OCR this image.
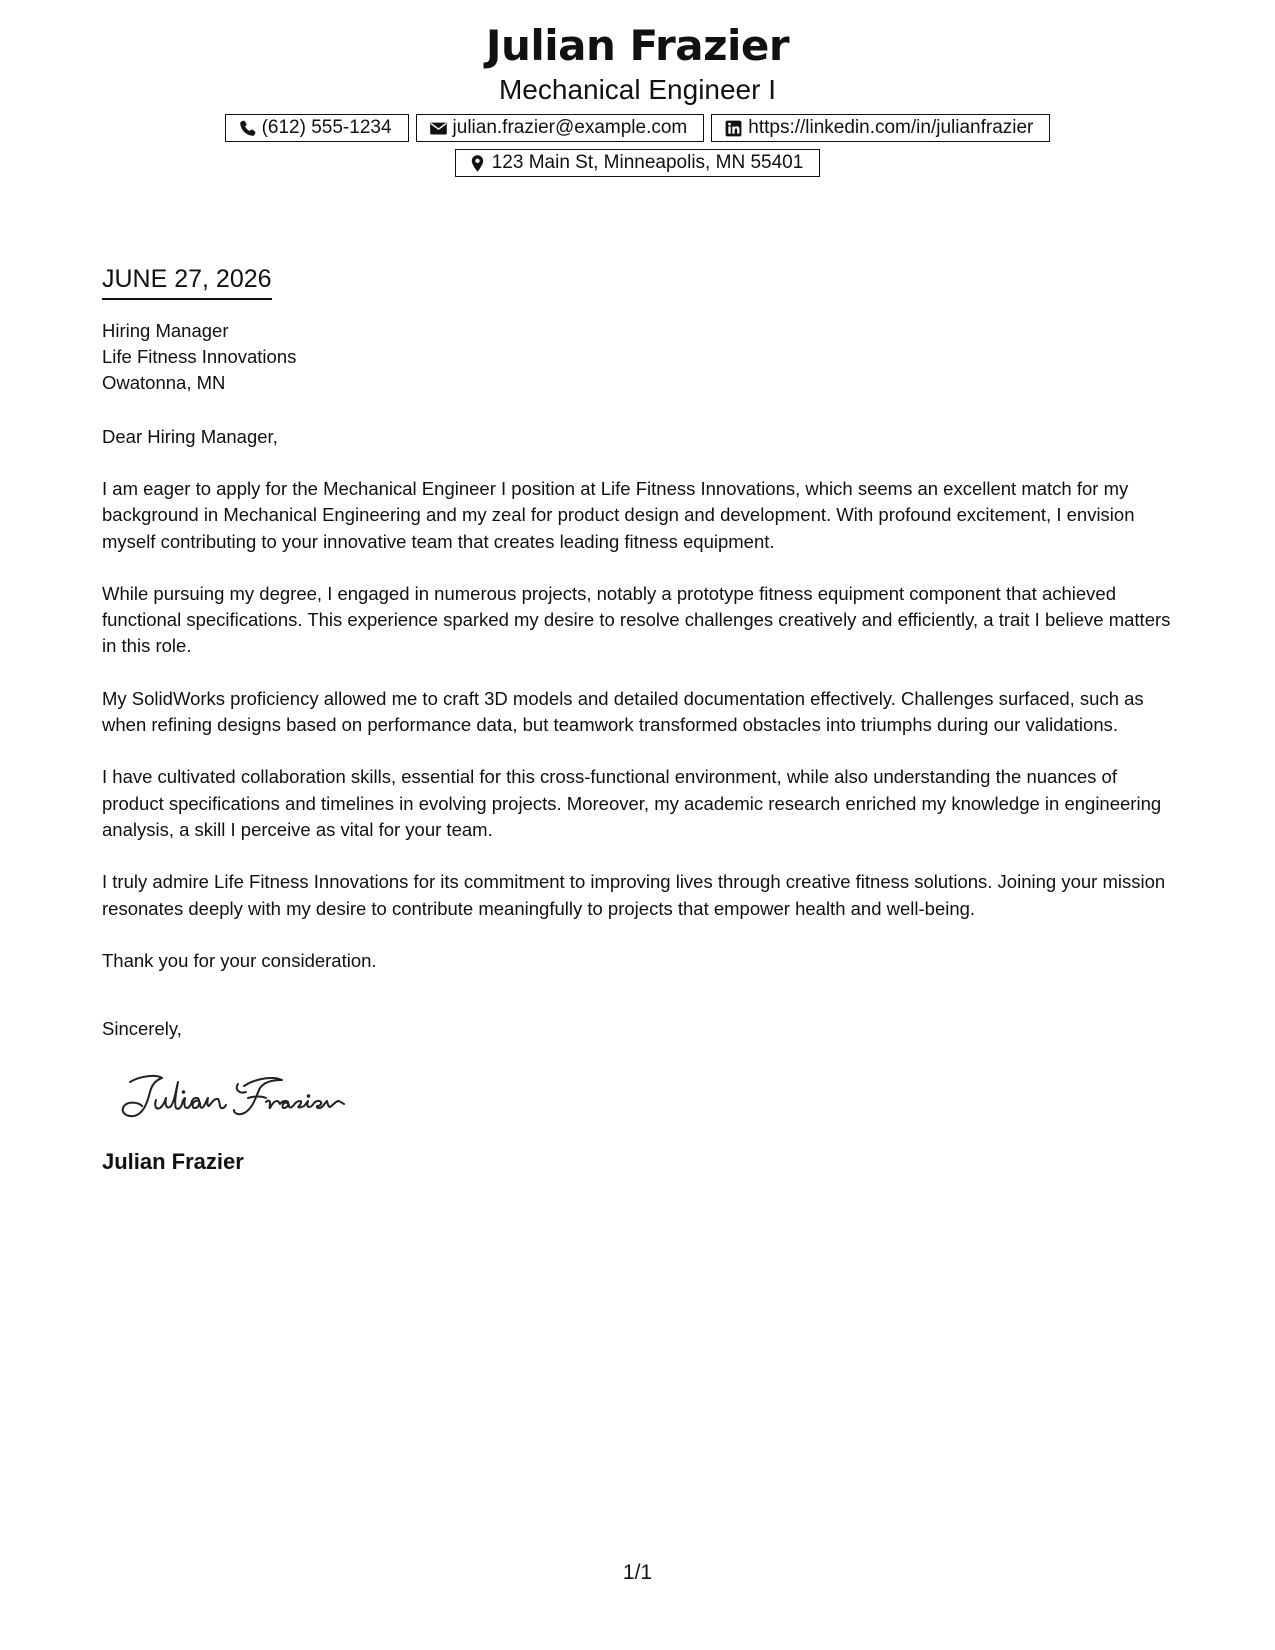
Julian Frazier
Mechanical Engineer I
(612) 555-1234	julian.frazier@example.com	https://linkedin.com/in/julianfrazier
123 Main St, Minneapolis, MN 55401
JUNE 27, 2026
Hiring Manager
Life Fitness Innovations
Owatonna, MN
Dear Hiring Manager,
I am eager to apply for the Mechanical Engineer I position at Life Fitness Innovations, which seems an excellent match for my background in Mechanical Engineering and my zeal for product design and development. With profound excitement, I envision myself contributing to your innovative team that creates leading fitness equipment.
While pursuing my degree, I engaged in numerous projects, notably a prototype fitness equipment component that achieved functional specifications. This experience sparked my desire to resolve challenges creatively and efficiently, a trait I believe matters in this role.
My SolidWorks proficiency allowed me to craft 3D models and detailed documentation effectively. Challenges surfaced, such as when refining designs based on performance data, but teamwork transformed obstacles into triumphs during our validations.
I have cultivated collaboration skills, essential for this cross-functional environment, while also understanding the nuances of product specifications and timelines in evolving projects. Moreover, my academic research enriched my knowledge in engineering analysis, a skill I perceive as vital for your team.
I truly admire Life Fitness Innovations for its commitment to improving lives through creative fitness solutions. Joining your mission resonates deeply with my desire to contribute meaningfully to projects that empower health and well-being.
Thank you for your consideration.
Sincerely,
Julian Frazier
1/1
